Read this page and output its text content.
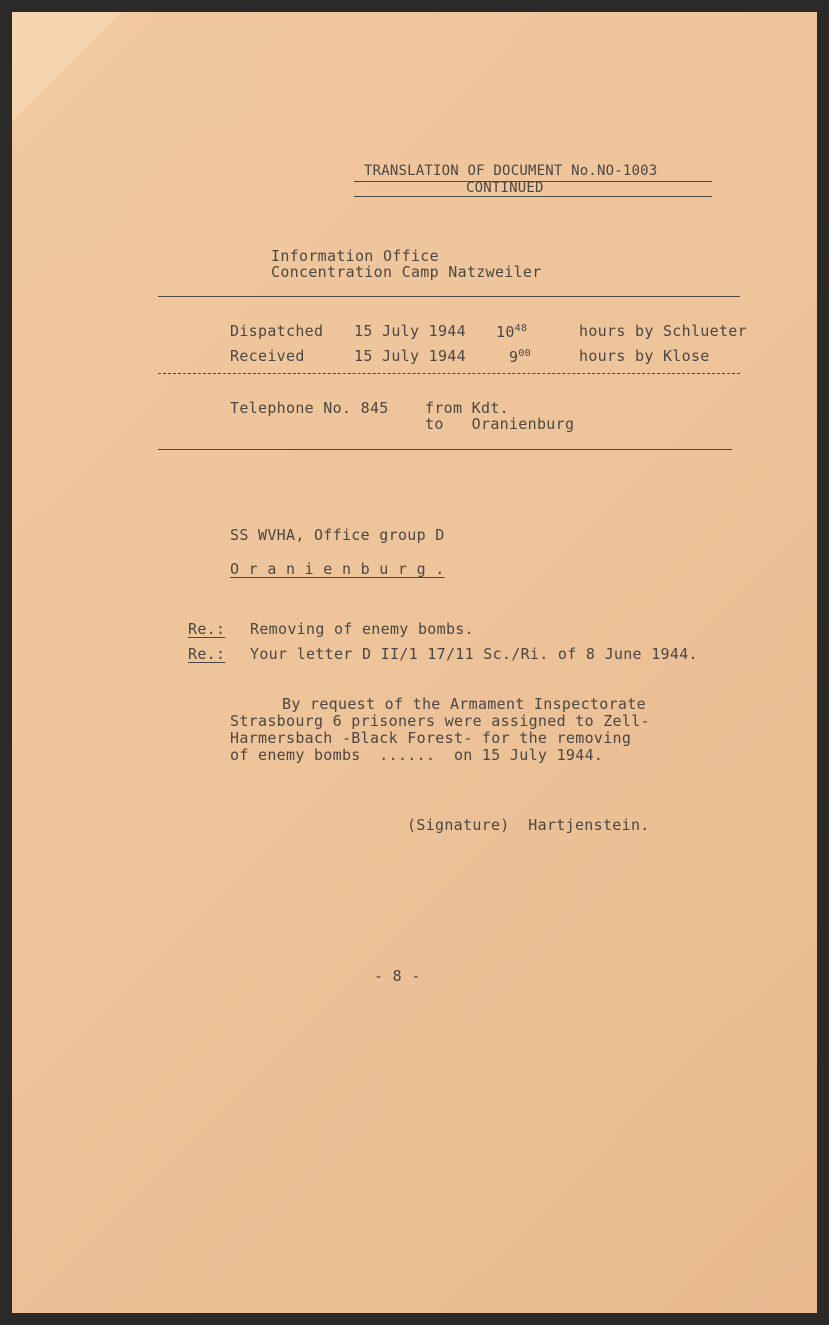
TRANSLATION OF DOCUMENT No.NO-1003
CONTINUED
Information Office
Concentration Camp Natzweiler
Dispatched 15 July 1944 $10^{48}$	hours by Schlueter
Received	15 July 1944	$9^{00}$	hours by Klose
Telephone No. 845 from Kdt.
to   Oranienburg
SS WVHA, Office group D
O r a n i e n b u r g .
Re.: Removing of enemy bombs.
Re.: Your letter D II/1 17/11 Sc./Ri. of 8 June 1944.
By request of the Armament Inspectorate
Strasbourg 6 prisoners were assigned to Zell-
Harmersbach -Black Forest- for the removing
of enemy bombs  ......  on 15 July 1944.
(Signature)  Hartjenstein.
- 8 -
